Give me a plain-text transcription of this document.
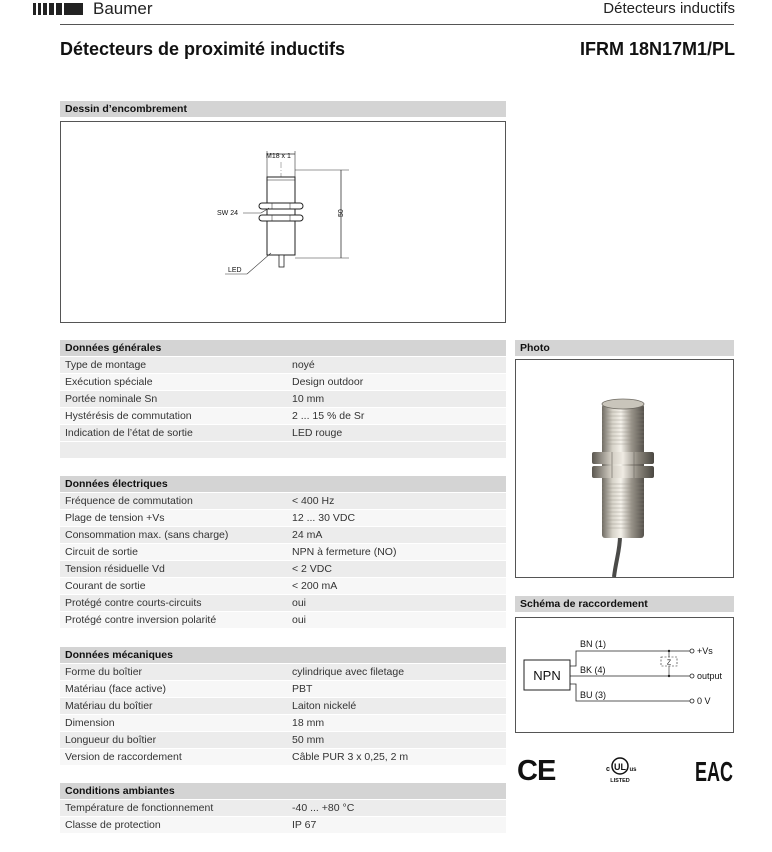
Baumer	Détecteurs inductifs
Détecteurs de proximité inductifs	IFRM 18N17M1/PL
Dessin d’encombrement
M18 x 1
SW 24	50
LED
Données générales
Type de montage	noyé
Exécution spéciale	Design outdoor
Portée nominale Sn	10 mm
Hystérésis de commutation	2 ... 15 % de Sr
Indication de l’état de sortie	LED rouge
Données électriques
Fréquence de commutation	< 400 Hz
Plage de tension +Vs	12 ... 30 VDC
Consommation max. (sans charge)	24 mA
Circuit de sortie	NPN à fermeture (NO)
Tension résiduelle Vd	< 2 VDC
Courant de sortie	< 200 mA
Protégé contre courts-circuits	oui
Protégé contre inversion polarité	oui
Données mécaniques
Forme du boîtier	cylindrique avec filetage
Matériau (face active)	PBT
Matériau du boîtier	Laiton nickelé
Dimension	18 mm
Longueur du boîtier	50 mm
Version de raccordement	Câble PUR 3 x 0,25, 2 m
Conditions ambiantes
Température de fonctionnement	-40 ... +80 °C
Classe de protection	IP 67
Photo
Schéma de raccordement
NPN
Z
BN (1)
BK (4)
BU (3)
+Vs
output
0 V
CE	UL
c	us
LISTED EAC
